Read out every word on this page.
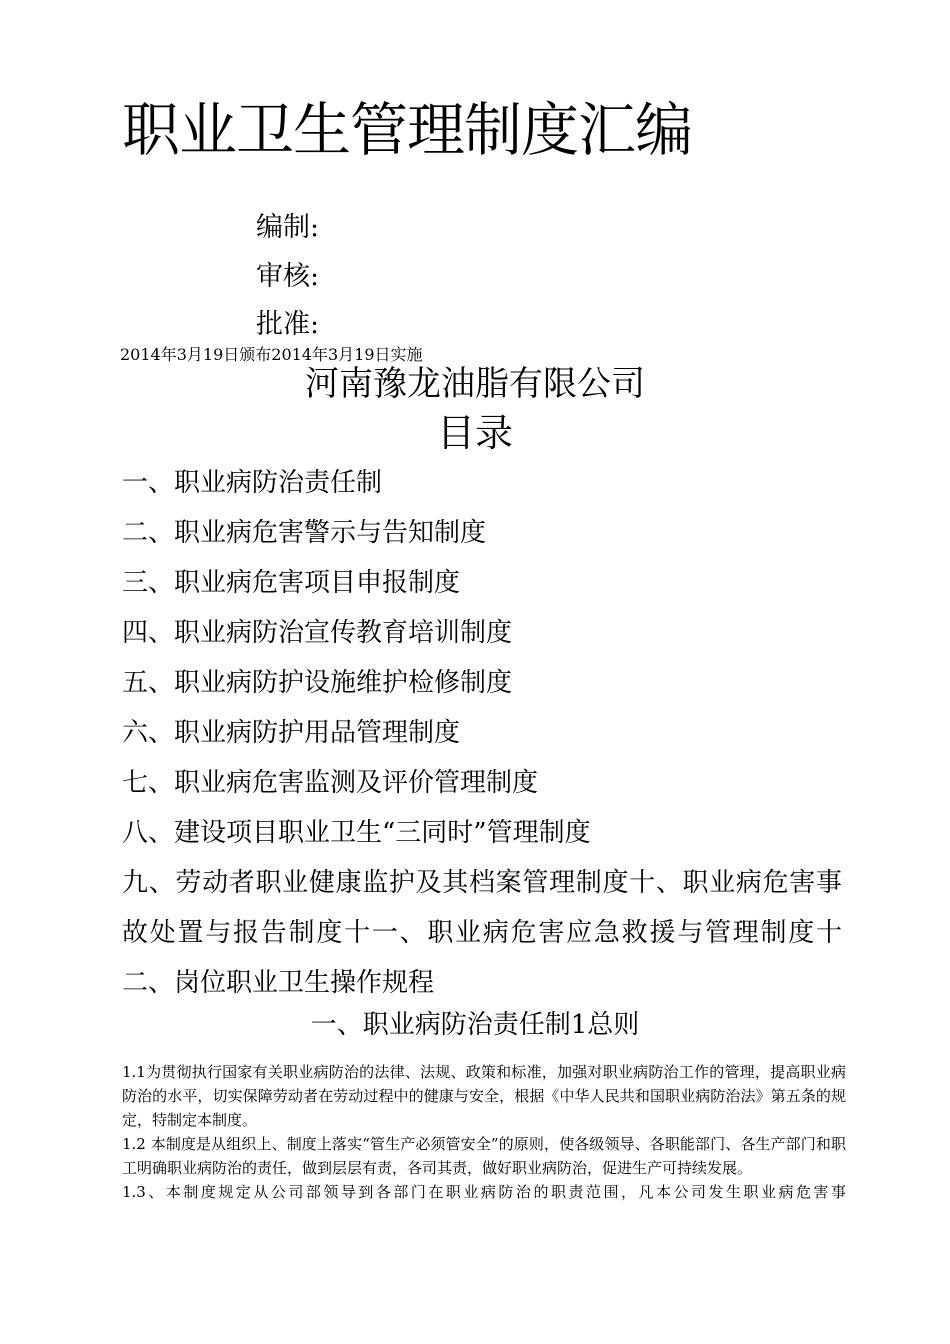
职业卫生管理制度汇编
编制:
审核:
批准:
2014年3月19日颁布2014年3月19日实施
河南豫龙油脂有限公司
目录
一、职业病防治责任制
二、职业病危害警示与告知制度
三、职业病危害项目申报制度
四、职业病防治宣传教育培训制度
五、职业病防护设施维护检修制度
六、职业病防护用品管理制度
七、职业病危害监测及评价管理制度
八、建设项目职业卫生“三同时”管理制度
九、劳动者职业健康监护及其档案管理制度十、职业病危害事故处置与报告制度十一、职业病危害应急救援与管理制度十二、岗位职业卫生操作规程
一、职业病防治责任制1总则

1.1为贯彻执行国家有关职业病防治的法律、法规、政策和标准，加强对职业病防治工作的管理，提高职业病防治的水平，切实保障劳动者在劳动过程中的健康与安全，根据《中华人民共和国职业病防治法》第五条的规定，特制定本制度。

1.2 本制度是从组织上、制度上落实“管生产必须管安全”的原则，使各级领导、各职能部门、各生产部门和职工明确职业病防治的责任，做到层层有责，各司其责，做好职业病防治，促进生产可持续发展。

1.3、本制度规定从公司部领导到各部门在职业病防治的职责范围，凡本公司发生职业病危害事
